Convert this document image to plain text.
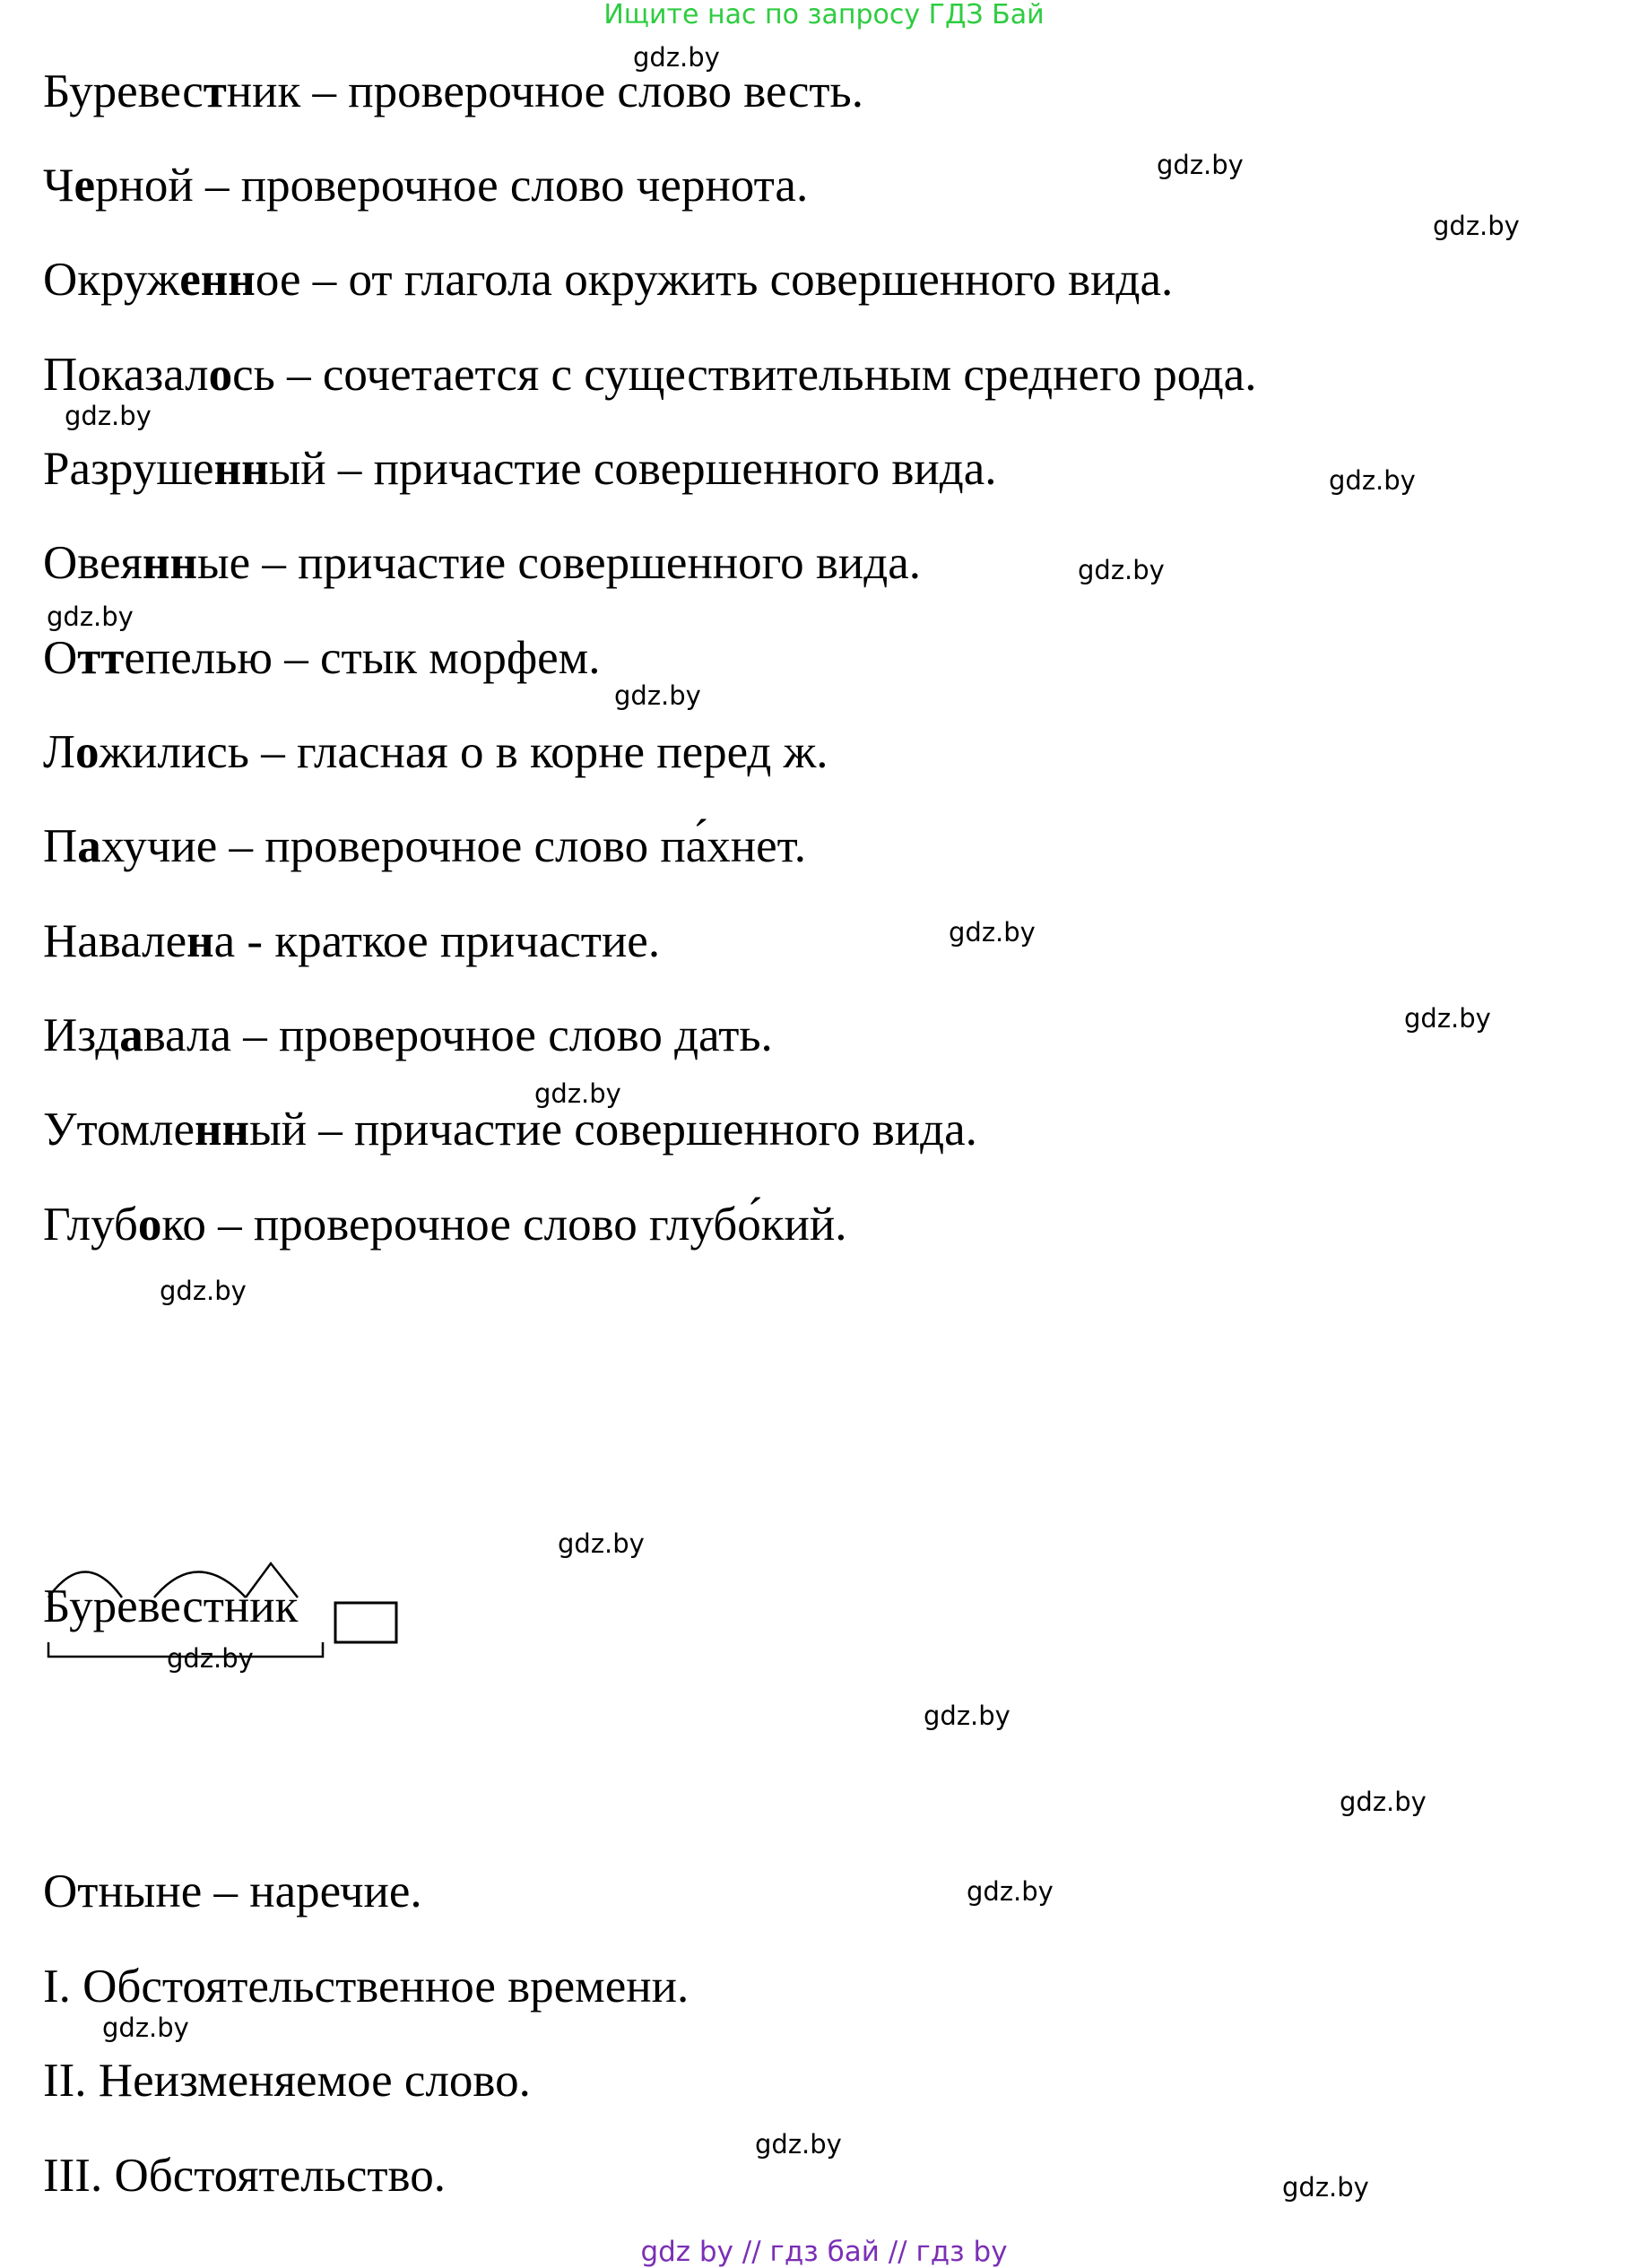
Ищите нас по запросу ГДЗ Бай
Буревестник – проверочное слово весть.
Черной – проверочное слово чернота.
Окруженное – от глагола окружить совершенного вида.
Показалось – сочетается с существительным среднего рода.
Разрушенный – причастие совершенного вида.
Овеянные – причастие совершенного вида.
Оттепелью – стык морфем.
Ложились – гласная о в корне перед ж.
Пахучие – проверочное слово па́хнет.
Навалена - краткое причастие.
Издавала – проверочное слово дать.
Утомленный – причастие совершенного вида.
Глубоко – проверочное слово глубо́кий.
Буревестник
Отныне – наречие.
I. Обстоятельственное времени.
II. Неизменяемое слово.
III. Обстоятельство.
gdz.by
gdz.by
gdz.by
gdz.by
gdz.by
gdz.by
gdz.by
gdz.by
gdz.by
gdz.by
gdz.by
gdz.by
gdz.by
gdz.by
gdz.by
gdz.by
gdz.by
gdz.by
gdz.by
gdz.by
gdz by // гдз бай // гдз by
